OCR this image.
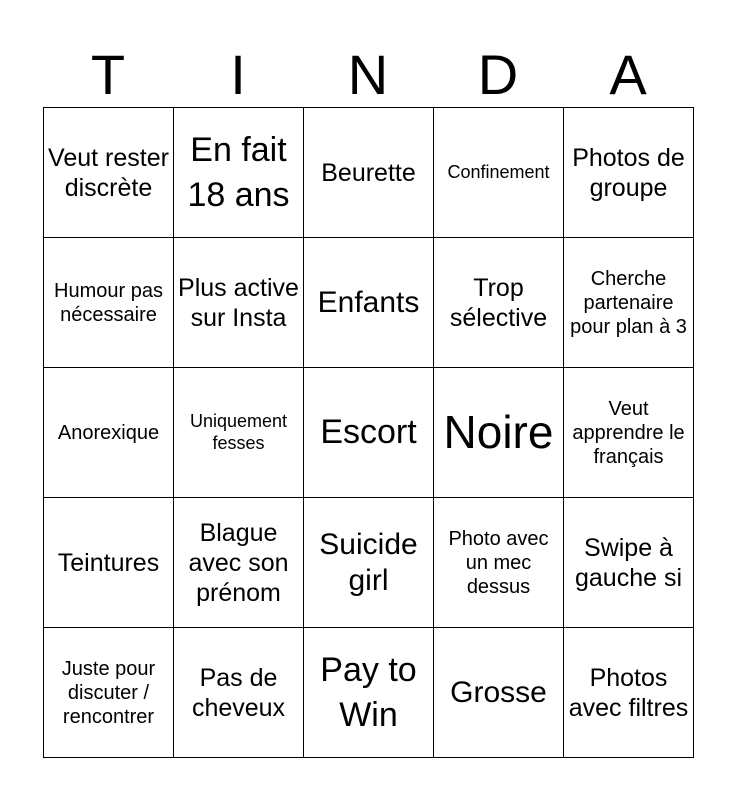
T	I	N	D	A
Veut rester discrète	En fait 18 ans	Beurette	Confinement	Photos de groupe
Humour pas nécessaire	Plus active sur Insta	Enfants	Trop sélective	Cherche partenaire pour plan à 3
Anorexique	Uniquement fesses	Escort	Noire	Veut apprendre le français
Teintures	Blague avec son prénom	Suicide girl	Photo avec un mec dessus	Swipe à gauche si
Juste pour discuter / rencontrer	Pas de cheveux	Pay to Win	Grosse	Photos avec filtres
